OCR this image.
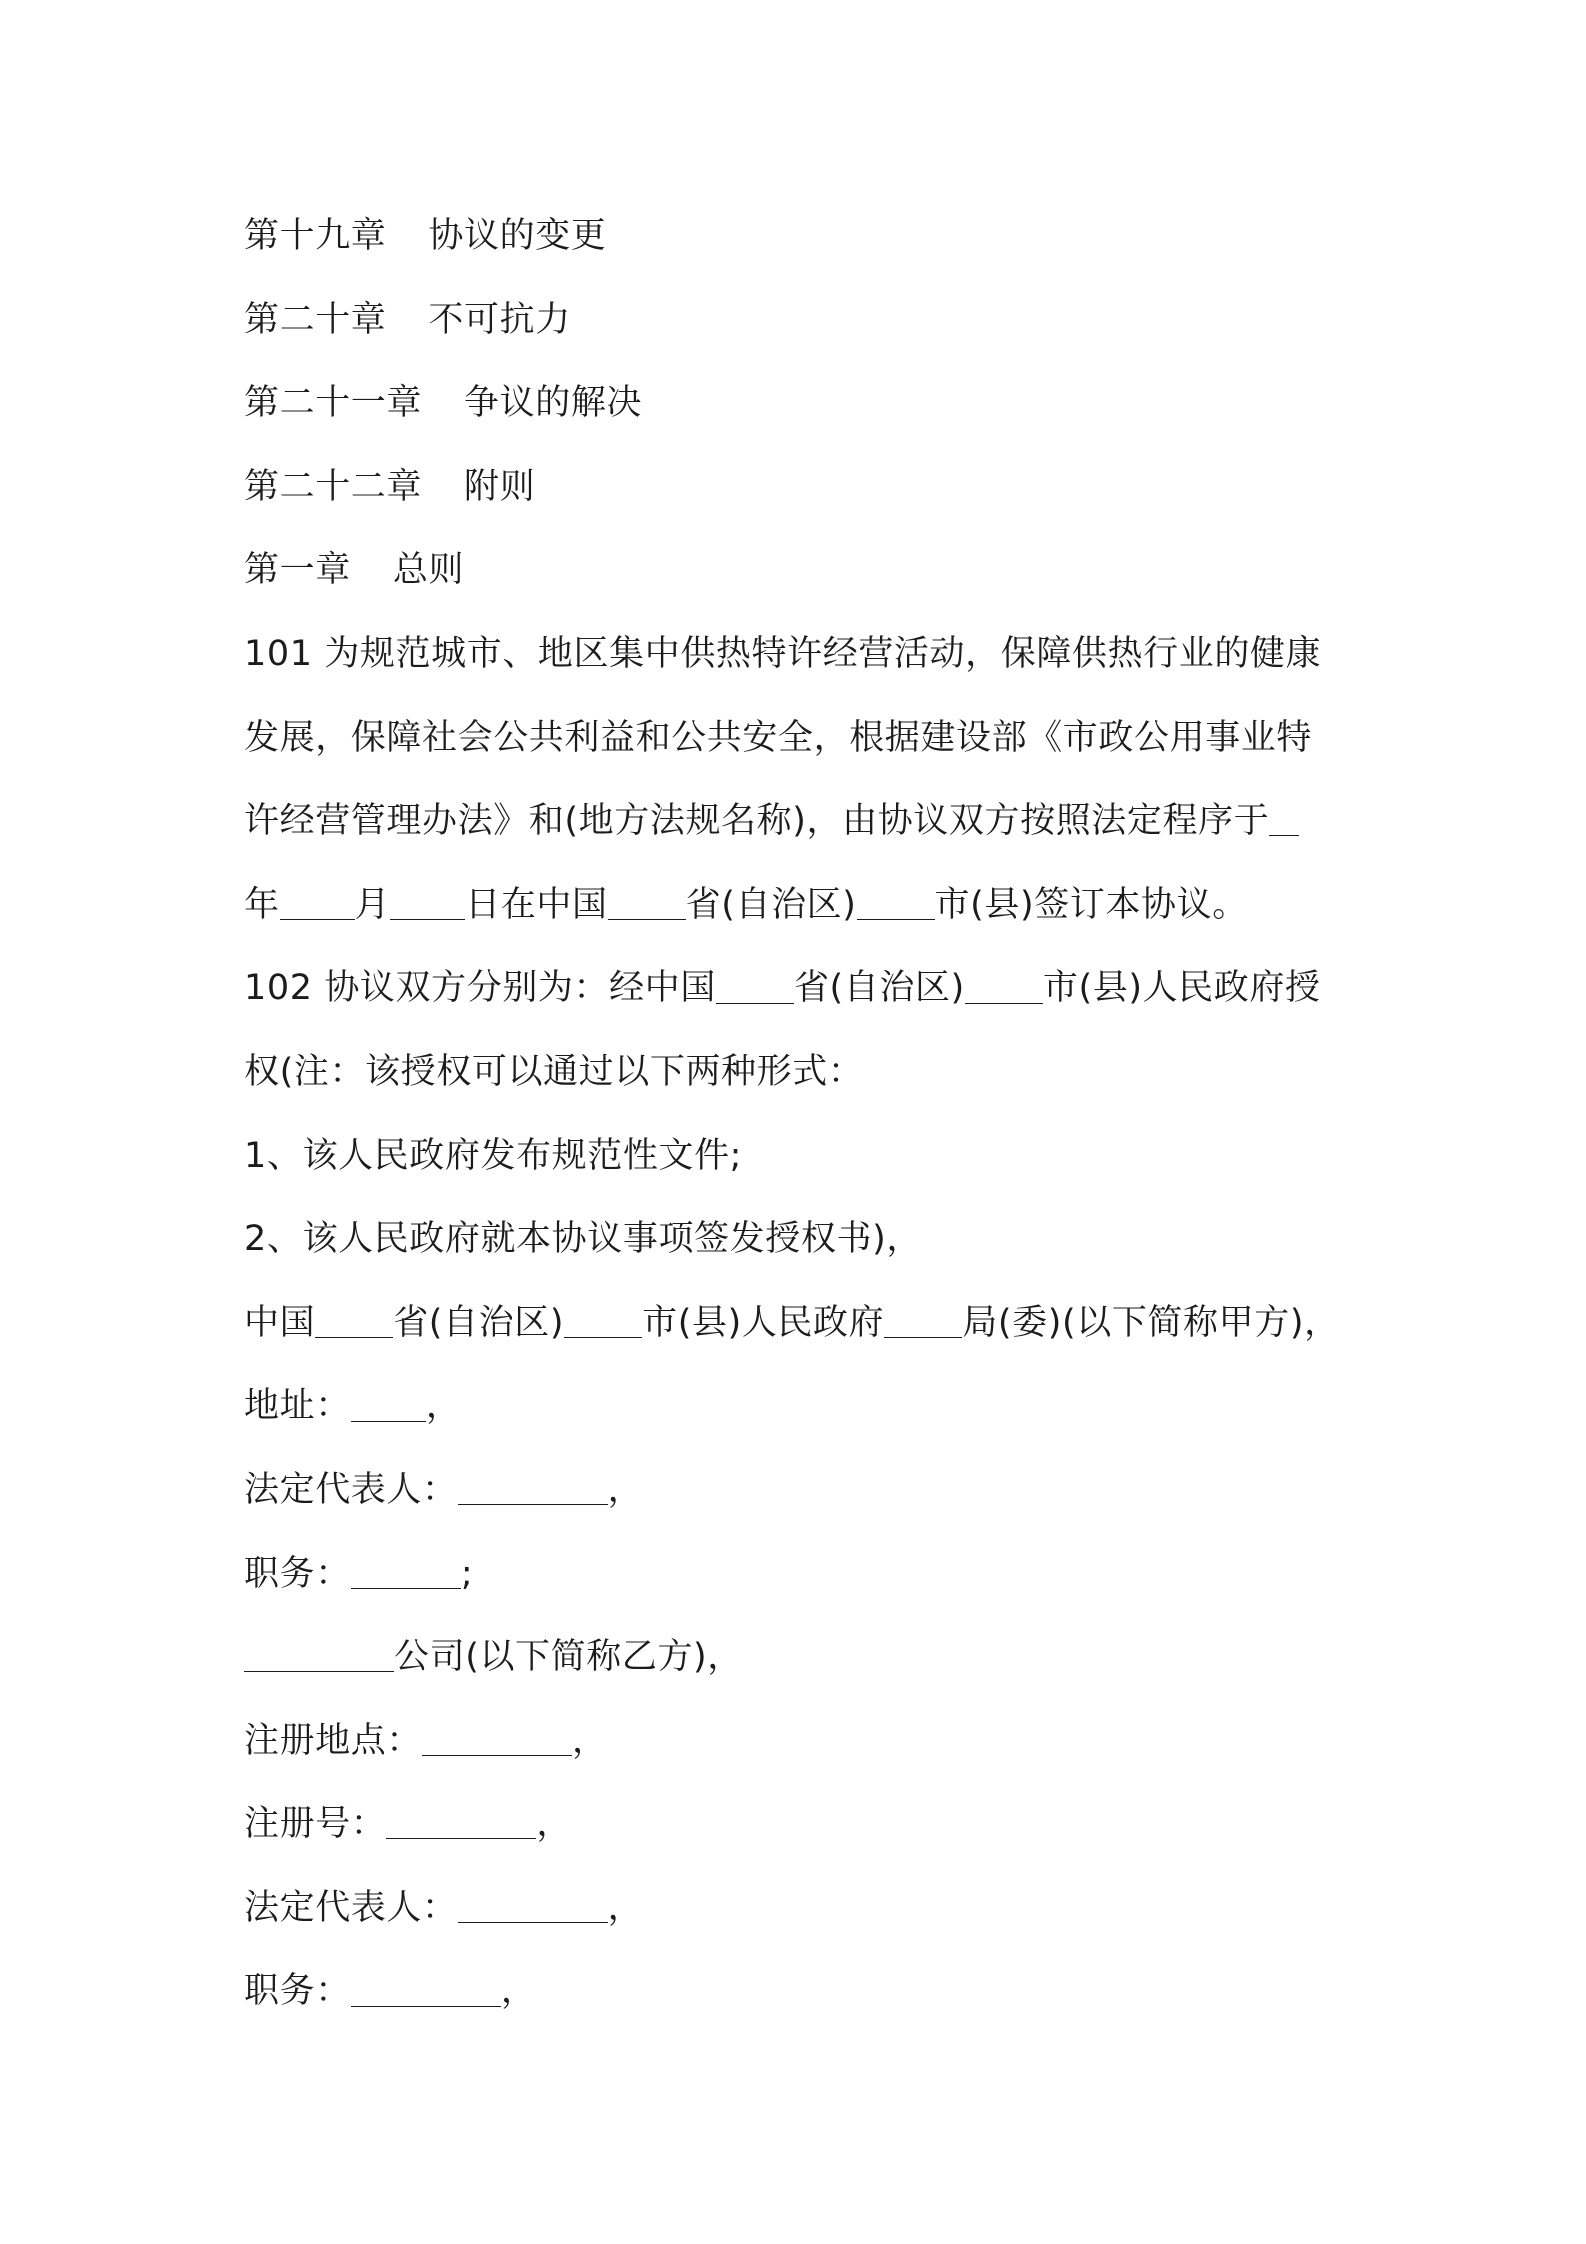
第十九章 协议的变更
第二十章 不可抗力
第二十一章 争议的解决
第二十二章 附则
第一章 总则
101 为规范城市、地区集中供热特许经营活动，保障供热行业的健康
发展，保障社会公共利益和公共安全，根据建设部《市政公用事业特
许经营管理办法》和(地方法规名称)，由协议双方按照法定程序于
年 月 日在中国 省(自治区) 市(县)签订本协议。
102 协议双方分别为：经中国 省(自治区) 市(县)人民政府授
权(注：该授权可以通过以下两种形式：
1、该人民政府发布规范性文件;
2、该人民政府就本协议事项签发授权书)，
中国 省(自治区) 市(县)人民政府 局(委)(以下简称甲方)，
地址： ，
法定代表人：	，
职务：	;
公司(以下简称乙方)，
注册地点：	，
注册号：	，
法定代表人：	，
职务：	，
